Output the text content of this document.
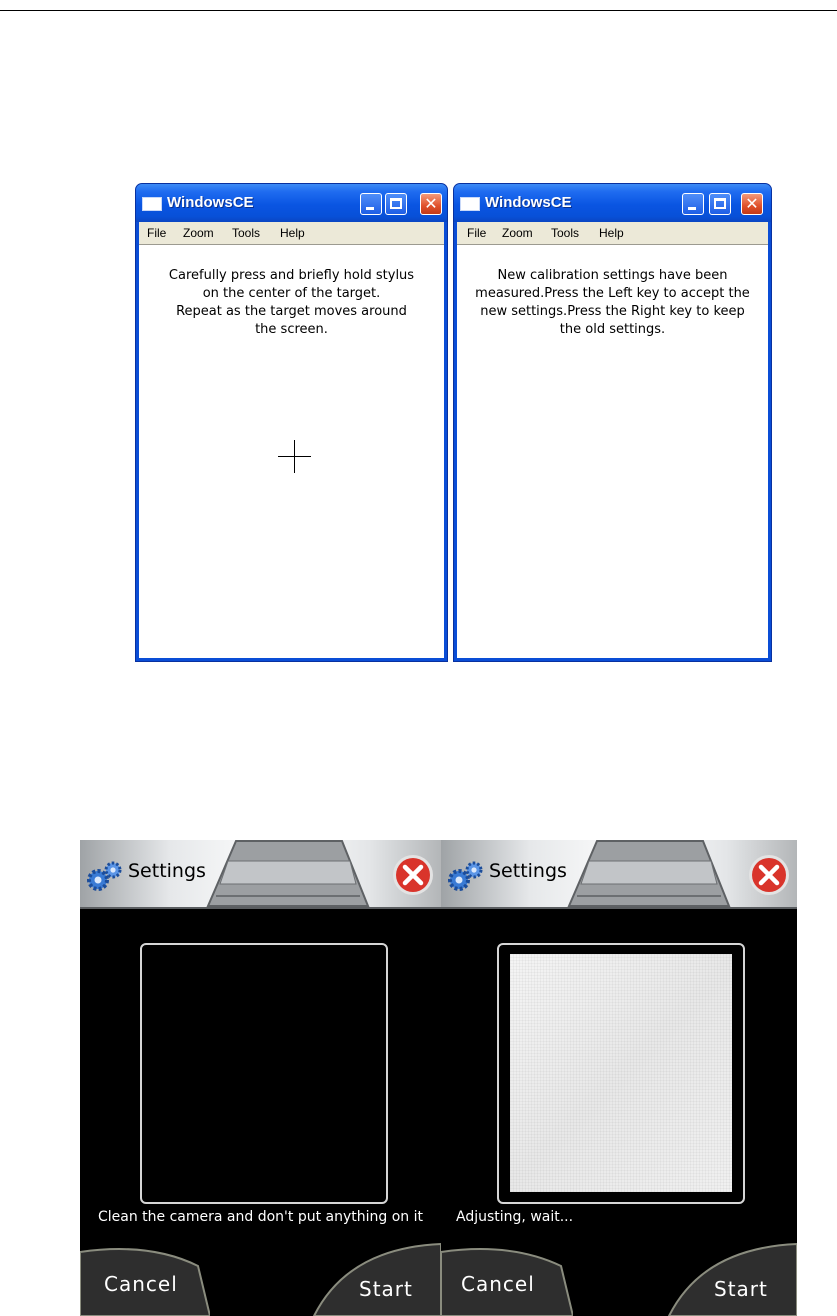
WindowsCE	✕
File Zoom Tools Help
Carefully press and briefly hold stylus
on the center of the target.
Repeat as the target moves around
the screen.
WindowsCE	✕
File Zoom Tools Help
New calibration settings have been
measured.Press the Left key to accept the
new settings.Press the Right key to keep
the old settings.
Settings
Clean the camera and don't put anything on it
Cancel	Start
Settings
Adjusting, wait...
Cancel	Start
